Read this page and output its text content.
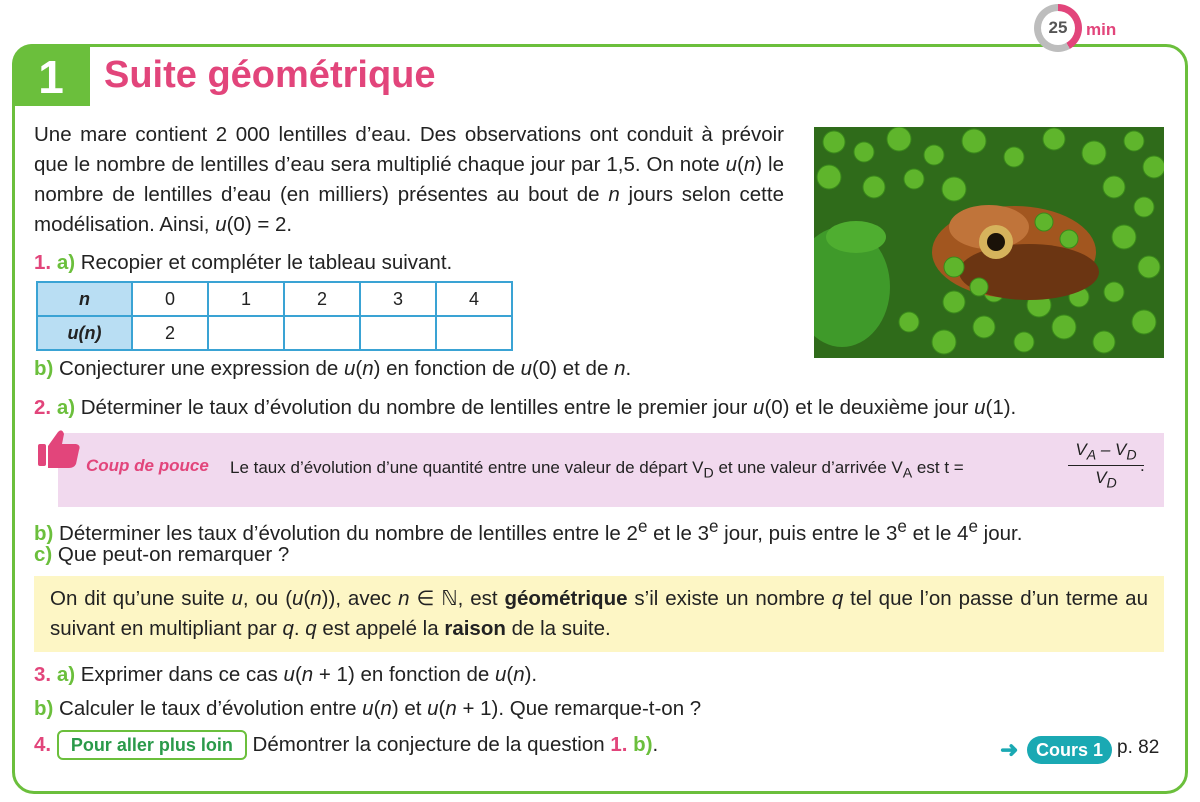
1	Suite géométrique
25	min

Une mare contient 2 000 lentilles d’eau. Des observations ont conduit à prévoir que le nombre de lentilles d’eau sera multiplié chaque jour par 1,5. On note u(n) le nombre de lentilles d’eau (en milliers) présentes au bout de n jours selon cette modélisation. Ainsi, u(0) = 2.

1. a) Recopier et compléter le tableau suivant.

n	0	1	2	3	4
u(n)	2				

b) Conjecturer une expression de u(n) en fonction de u(0) et de n.

2. a) Déterminer le taux d’évolution du nombre de lentilles entre le premier jour u(0) et le deuxième jour u(1).

Coup de pouce Le taux d’évolution d’une quantité entre une valeur de départ $V_D$ et une valeur d’arrivée $V_A$ est t =
$V_A - V_D$
$V_D$
.

b) Déterminer les taux d’évolution du nombre de lentilles entre le 2e et le 3e jour, puis entre le 3e et le 4e jour.

c) Que peut-on remarquer ?

On dit qu’une suite u, ou (u(n)), avec n ∈ ℕ, est géométrique s’il existe un nombre q tel que l’on passe d’un terme au suivant en multipliant par q. q est appelé la raison de la suite.

3. a) Exprimer dans ce cas u(n + 1) en fonction de u(n).

b) Calculer le taux d’évolution entre u(n) et u(n + 1). Que remarque-t-on ?

4. Pour aller plus loin Démontrer la conjecture de la question 1. b).	➜ Cours 1 p. 82
